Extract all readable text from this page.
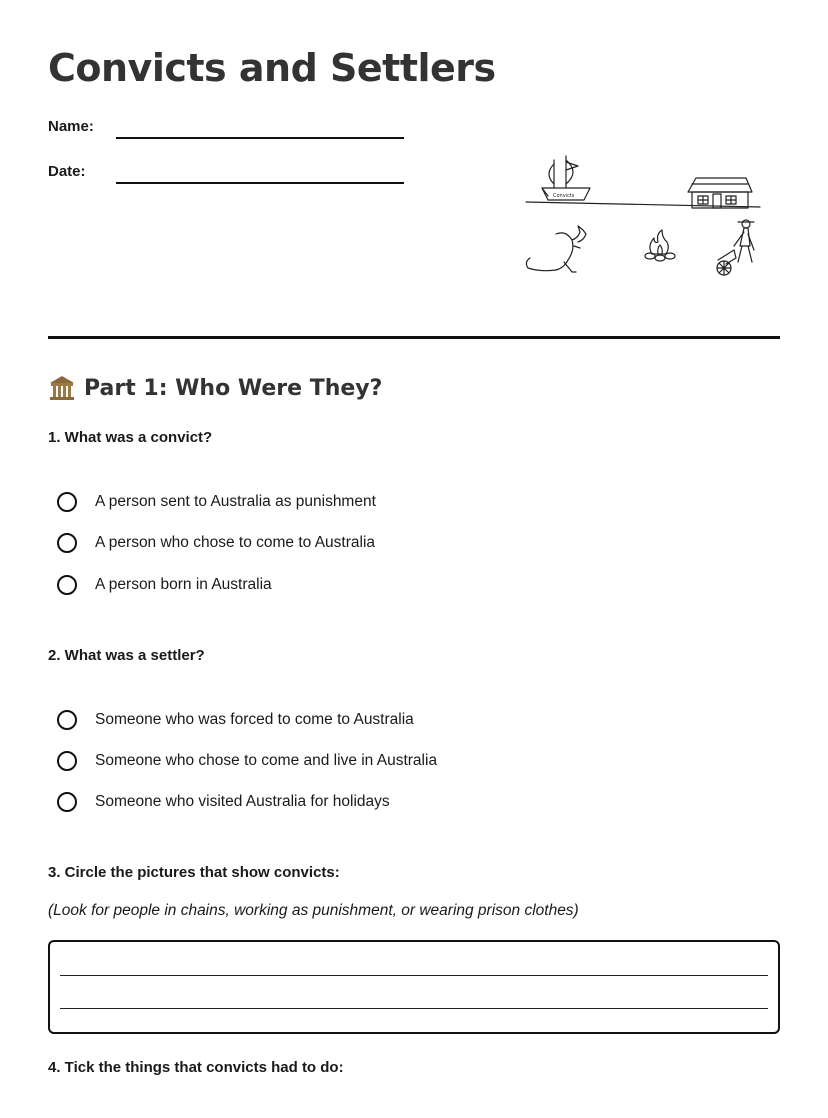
Convicts and Settlers
Name:
Date:
Convicts
Part 1: Who Were They?
1. What was a convict?
A person sent to Australia as punishment
A person who chose to come to Australia
A person born in Australia
2. What was a settler?
Someone who was forced to come to Australia
Someone who chose to come and live in Australia
Someone who visited Australia for holidays
3. Circle the pictures that show convicts:
(Look for people in chains, working as punishment, or wearing prison clothes)
4. Tick the things that convicts had to do:
